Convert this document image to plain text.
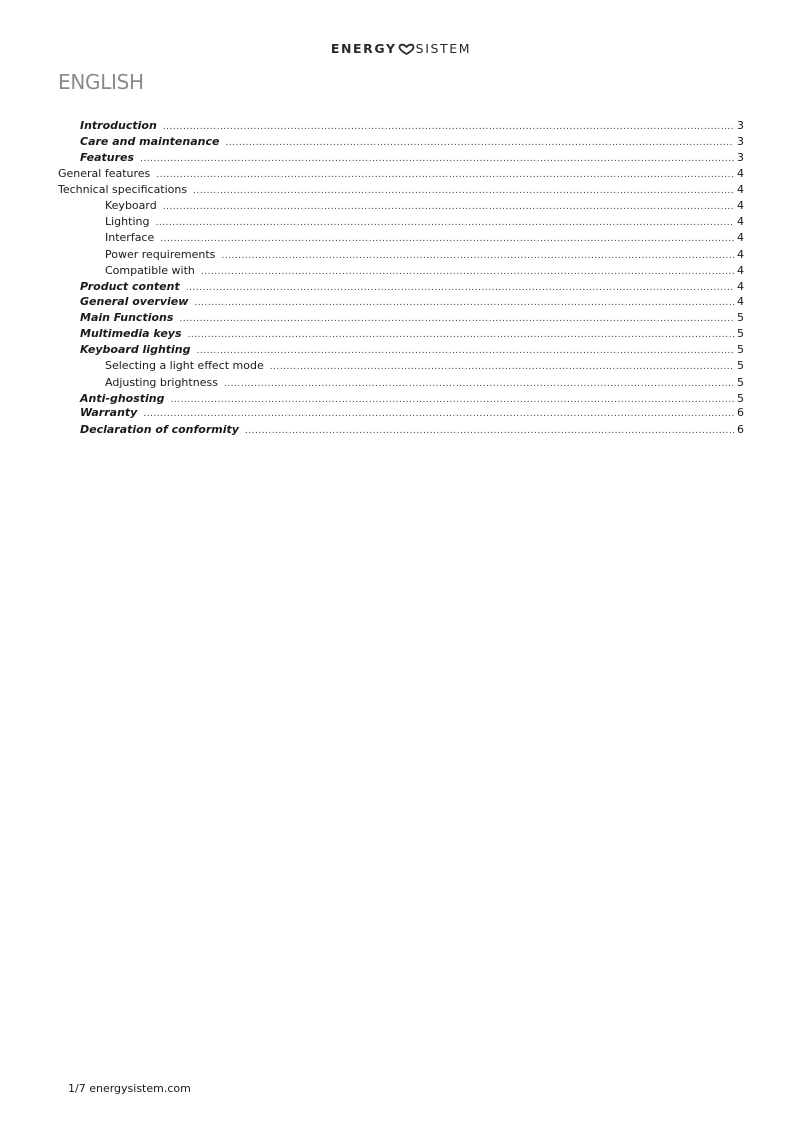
ENERGY SISTEM
ENGLISH
Introduction .....	3
Care and maintenance .....	3
Features .....	3
General features .....	4
Technical specifications .....	4
Keyboard .....	4
Lighting .....	4
Interface .....	4
Power requirements .....	4
Compatible with .....	4
Product content .....	4
General overview .....	4
Main Functions .....	5
Multimedia keys .....	5
Keyboard lighting .....	5
Selecting a light effect mode .....	5
Adjusting brightness .....	5
Anti-ghosting .....	5
Warranty .....	6
Declaration of conformity .....	6
1/7 energysistem.com
